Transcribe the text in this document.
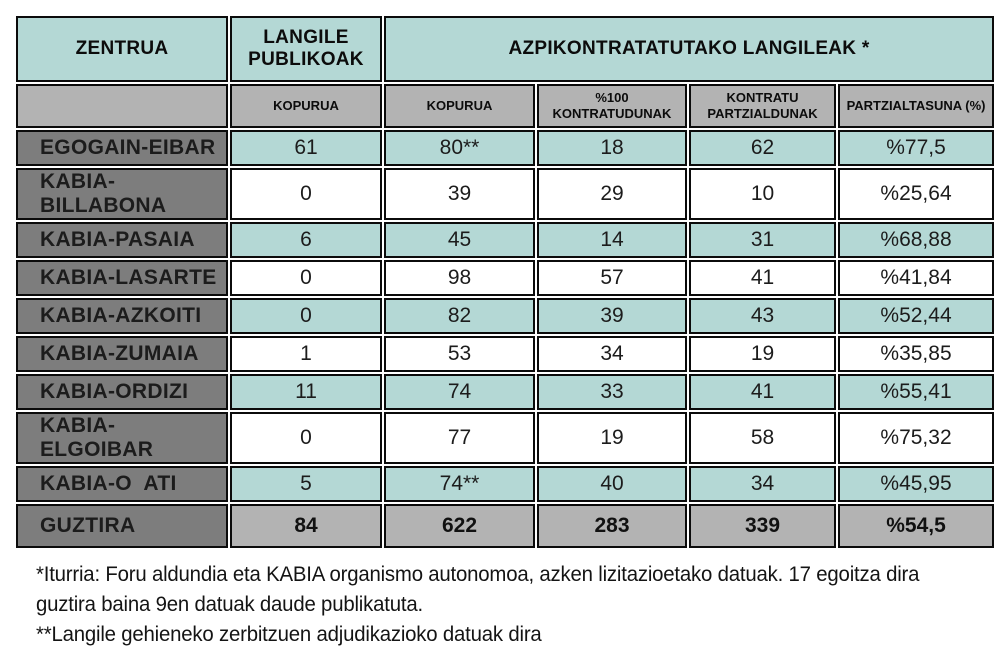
ZENTRUA	LANGILE PUBLIKOAK	AZPIKONTRATATUTAKO LANGILEAK *			
	KOPURUA	KOPURUA	%100 KONTRATUDUNAK	KONTRATU PARTZIALDUNAK	PARTZIALTASUNA (%)
EGOGAIN-EIBAR	61	80**	18	62	%77,5
KABIA-BILLABONA	0	39	29	10	%25,64
KABIA-PASAIA	6	45	14	31	%68,88
KABIA-LASARTE	0	98	57	41	%41,84
KABIA-AZKOITI	0	82	39	43	%52,44
KABIA-ZUMAIA	1	53	34	19	%35,85
KABIA-ORDIZI	11	74	33	41	%55,41
KABIA-ELGOIBAR	0	77	19	58	%75,32
KABIA-O  ATI	5	74**	40	34	%45,95
GUZTIRA	84	622	283	339	%54,5

*Iturria: Foru aldundia eta KABIA organismo autonomoa, azken lizitazioetako datuak. 17 egoitza dira guztira baina 9en datuak daude publikatuta.

**Langile gehieneko zerbitzuen adjudikazioko datuak dira
